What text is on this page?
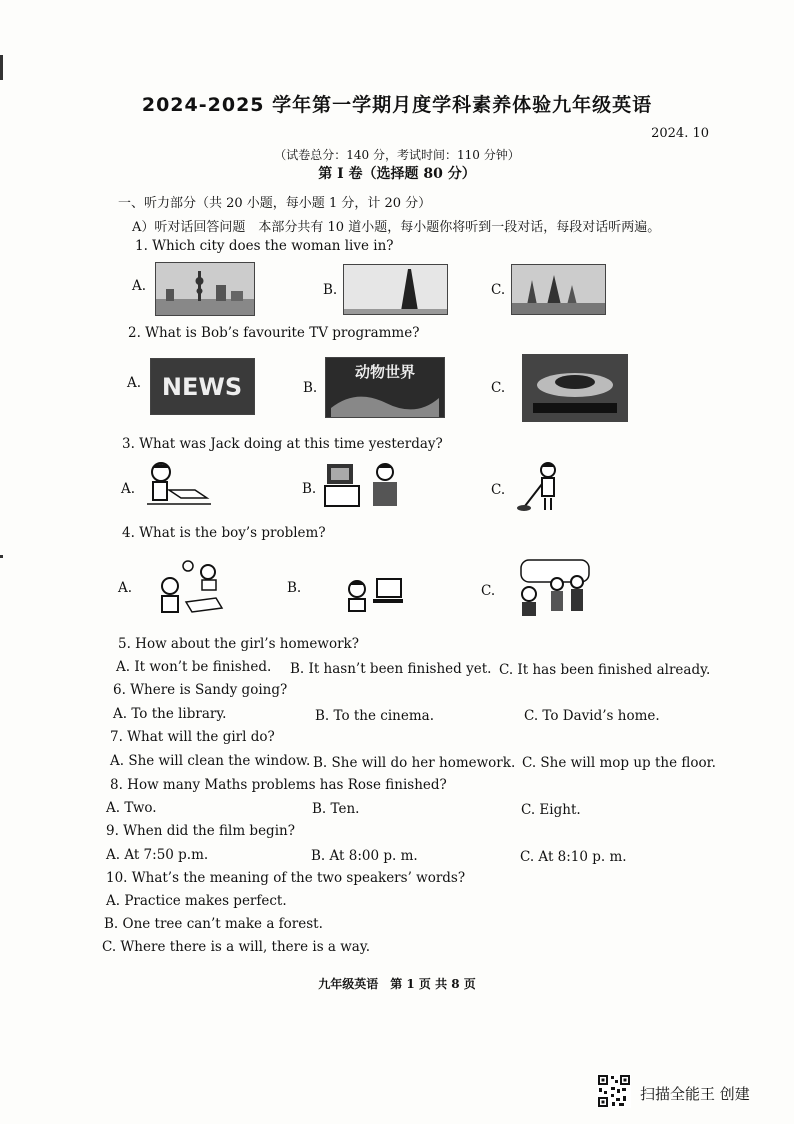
2024-2025 学年第一学期月度学科素养体验九年级英语
2024. 10
（试卷总分：140 分，考试时间：110 分钟）
第 I 卷（选择题 80 分）
一、听力部分（共 20 小题，每小题 1 分，计 20 分）
A）听对话回答问题　本部分共有 10 道小题，每小题你将听到一段对话，每段对话听两遍。
1. Which city does the woman live in?
A.	B.	C.
2. What is Bob’s favourite TV programme?
A. NEWS	B.
动物世界
C.
3. What was Jack doing at this time yesterday?
A.	B.	C.
4. What is the boy’s problem?
A.	B.	C.
5. How about the girl’s homework?
A. It won’t be finished. B. It hasn’t been finished yet. C. It has been finished already.
6. Where is Sandy going?
A. To the library.	B. To the cinema.	C. To David’s home.
7. What will the girl do?
A. She will clean the window. B. She will do her homework. C. She will mop up the floor.
8. How many Maths problems has Rose finished?
A. Two.	B. Ten.	C. Eight.
9. When did the film begin?
A. At 7:50 p.m.	B. At 8:00 p. m.	C. At 8:10 p. m.
10. What’s the meaning of the two speakers’ words?
A. Practice makes perfect.
B. One tree can’t make a forest.
C. Where there is a will, there is a way.
九年级英语　第 1 页 共 8 页
扫描全能王 创建
